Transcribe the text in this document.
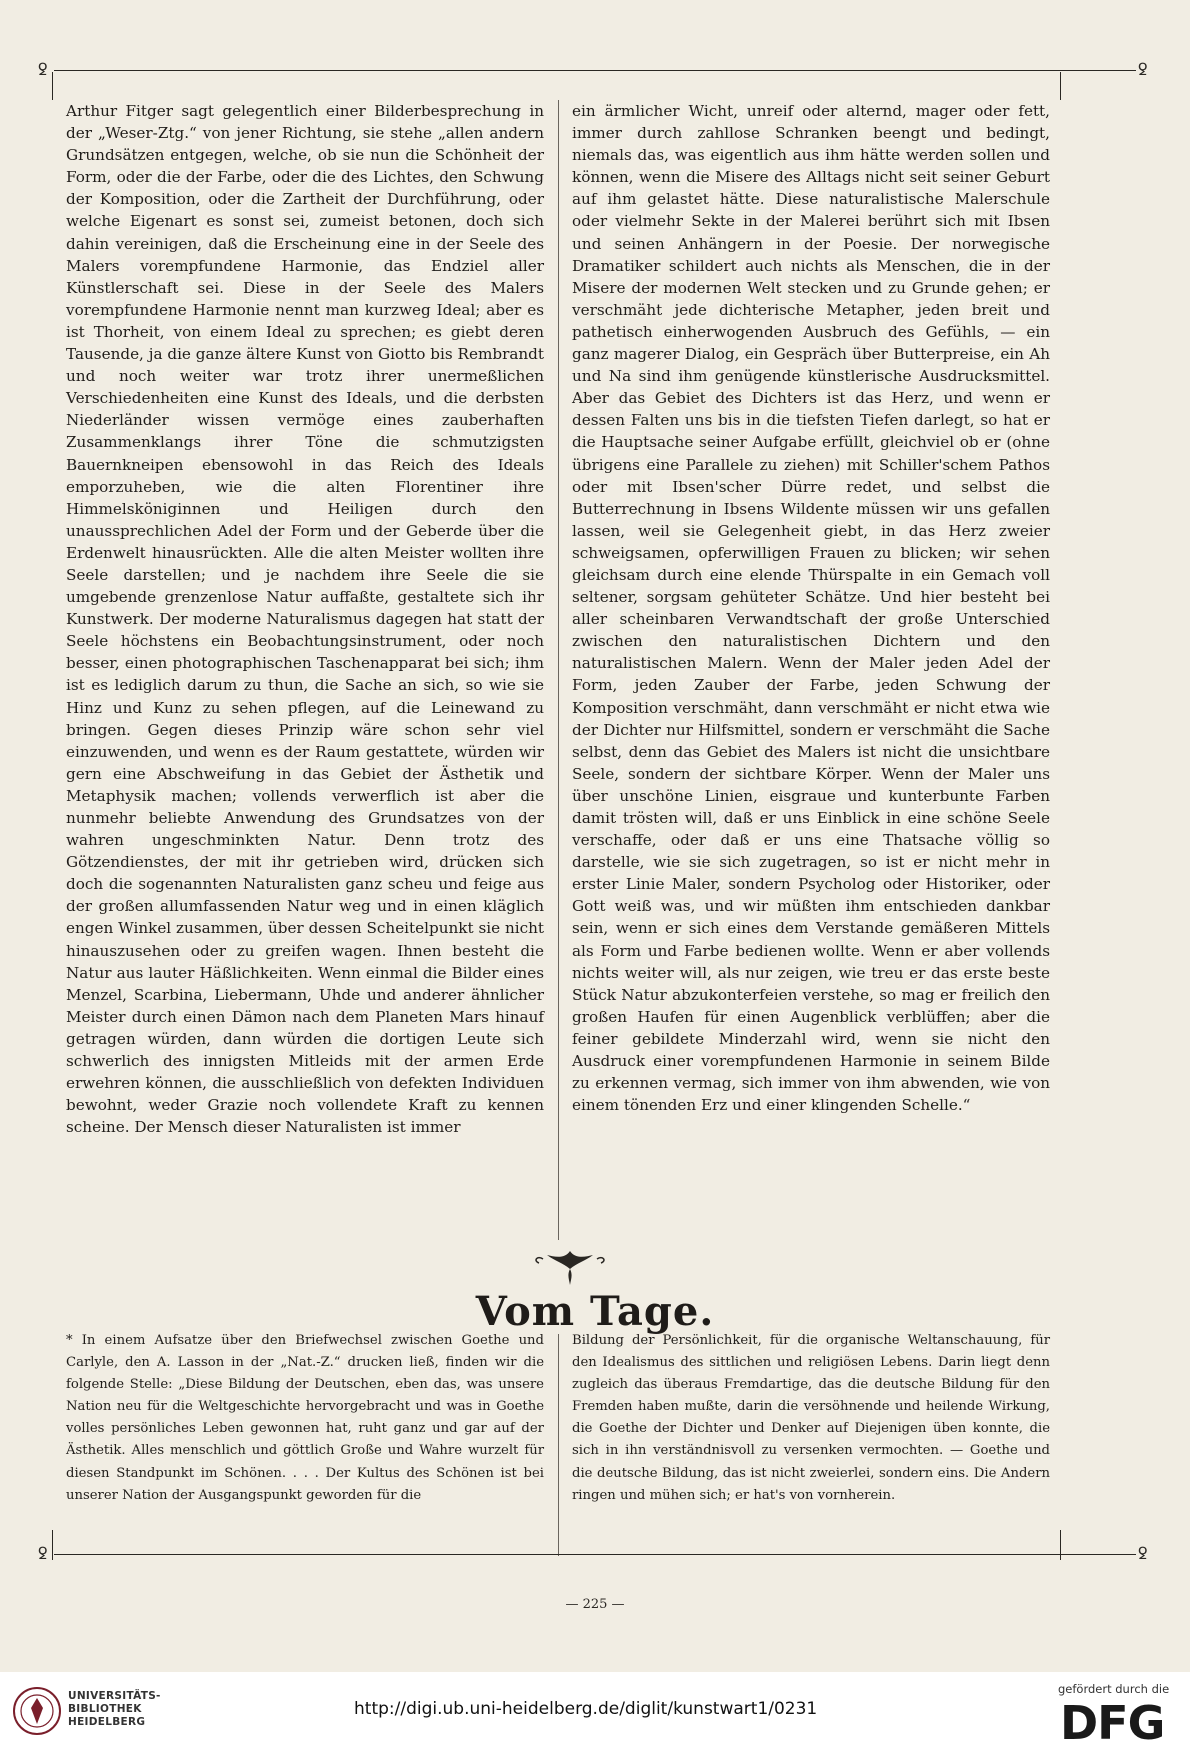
ꝿ	ꝿ

Arthur Fitger sagt gelegentlich einer Bilderbesprechung in der „Weser-Ztg.“ von jener Richtung, sie stehe „allen andern Grundsätzen entgegen, welche, ob sie nun die Schönheit der Form, oder die der Farbe, oder die des Lichtes, den Schwung der Komposition, oder die Zartheit der Durchführung, oder welche Eigenart es sonst sei, zumeist betonen, doch sich dahin vereinigen, daß die Erscheinung eine in der Seele des Malers vorempfundene Harmonie, das Endziel aller Künstlerschaft sei. Diese in der Seele des Malers vorempfundene Harmonie nennt man kurzweg Ideal; aber es ist Thorheit, von einem Ideal zu sprechen; es giebt deren Tausende, ja die ganze ältere Kunst von Giotto bis Rembrandt und noch weiter war trotz ihrer unermeßlichen Verschiedenheiten eine Kunst des Ideals, und die derbsten Niederländer wissen vermöge eines zauberhaften Zusammenklangs ihrer Töne die schmutzigsten Bauernkneipen ebensowohl in das Reich des Ideals emporzuheben, wie die alten Florentiner ihre Himmelsköniginnen und Heiligen durch den unaussprechlichen Adel der Form und der Geberde über die Erdenwelt hinausrückten. Alle die alten Meister wollten ihre Seele darstellen; und je nachdem ihre Seele die sie umgebende grenzenlose Natur auffaßte, gestaltete sich ihr Kunstwerk. Der moderne Naturalismus dagegen hat statt der Seele höchstens ein Beobachtungsinstrument, oder noch besser, einen photographischen Taschenapparat bei sich; ihm ist es lediglich darum zu thun, die Sache an sich, so wie sie Hinz und Kunz zu sehen pflegen, auf die Leinewand zu bringen. Gegen dieses Prinzip wäre schon sehr viel einzuwenden, und wenn es der Raum gestattete, würden wir gern eine Abschweifung in das Gebiet der Ästhetik und Metaphysik machen; vollends verwerflich ist aber die nunmehr beliebte Anwendung des Grundsatzes von der wahren ungeschminkten Natur. Denn trotz des Götzendienstes, der mit ihr getrieben wird, drücken sich doch die sogenannten Naturalisten ganz scheu und feige aus der großen allumfassenden Natur weg und in einen kläglich engen Winkel zusammen, über dessen Scheitelpunkt sie nicht hinauszusehen oder zu greifen wagen. Ihnen besteht die Natur aus lauter Häßlichkeiten. Wenn einmal die Bilder eines Menzel, Scarbina, Liebermann, Uhde und anderer ähnlicher Meister durch einen Dämon nach dem Planeten Mars hinauf getragen würden, dann würden die dortigen Leute sich schwerlich des innigsten Mitleids mit der armen Erde erwehren können, die ausschließlich von defekten Individuen bewohnt, weder Grazie noch vollendete Kraft zu kennen scheine. Der Mensch dieser Naturalisten ist immer

ein ärmlicher Wicht, unreif oder alternd, mager oder fett, immer durch zahllose Schranken beengt und bedingt, niemals das, was eigentlich aus ihm hätte werden sollen und können, wenn die Misere des Alltags nicht seit seiner Geburt auf ihm gelastet hätte. Diese naturalistische Malerschule oder vielmehr Sekte in der Malerei berührt sich mit Ibsen und seinen Anhängern in der Poesie. Der norwegische Dramatiker schildert auch nichts als Menschen, die in der Misere der modernen Welt stecken und zu Grunde gehen; er verschmäht jede dichterische Metapher, jeden breit und pathetisch einherwogenden Ausbruch des Gefühls, — ein ganz magerer Dialog, ein Gespräch über Butterpreise, ein Ah und Na sind ihm genügende künstlerische Ausdrucksmittel. Aber das Gebiet des Dichters ist das Herz, und wenn er dessen Falten uns bis in die tiefsten Tiefen darlegt, so hat er die Hauptsache seiner Aufgabe erfüllt, gleichviel ob er (ohne übrigens eine Parallele zu ziehen) mit Schiller'schem Pathos oder mit Ibsen'scher Dürre redet, und selbst die Butterrechnung in Ibsens Wildente müssen wir uns gefallen lassen, weil sie Gelegenheit giebt, in das Herz zweier schweigsamen, opferwilligen Frauen zu blicken; wir sehen gleichsam durch eine elende Thürspalte in ein Gemach voll seltener, sorgsam gehüteter Schätze. Und hier besteht bei aller scheinbaren Verwandtschaft der große Unterschied zwischen den naturalistischen Dichtern und den naturalistischen Malern. Wenn der Maler jeden Adel der Form, jeden Zauber der Farbe, jeden Schwung der Komposition verschmäht, dann verschmäht er nicht etwa wie der Dichter nur Hilfsmittel, sondern er verschmäht die Sache selbst, denn das Gebiet des Malers ist nicht die unsichtbare Seele, sondern der sichtbare Körper. Wenn der Maler uns über unschöne Linien, eisgraue und kunterbunte Farben damit trösten will, daß er uns Einblick in eine schöne Seele verschaffe, oder daß er uns eine Thatsache völlig so darstelle, wie sie sich zugetragen, so ist er nicht mehr in erster Linie Maler, sondern Psycholog oder Historiker, oder Gott weiß was, und wir müßten ihm entschieden dankbar sein, wenn er sich eines dem Verstande gemäßeren Mittels als Form und Farbe bedienen wollte. Wenn er aber vollends nichts weiter will, als nur zeigen, wie treu er das erste beste Stück Natur abzukonterfeien verstehe, so mag er freilich den großen Haufen für einen Augenblick verblüffen; aber die feiner gebildete Minderzahl wird, wenn sie nicht den Ausdruck einer vorempfundenen Harmonie in seinem Bilde zu erkennen vermag, sich immer von ihm abwenden, wie von einem tönenden Erz und einer klingenden Schelle.“

Vom Tage.

* In einem Aufsatze über den Briefwechsel zwischen Goethe und Carlyle, den A. Lasson in der „Nat.-Z.“ drucken ließ, finden wir die folgende Stelle: „Diese Bildung der Deutschen, eben das, was unsere Nation neu für die Weltgeschichte hervorgebracht und was in Goethe volles persönliches Leben gewonnen hat, ruht ganz und gar auf der Ästhetik. Alles menschlich und göttlich Große und Wahre wurzelt für diesen Standpunkt im Schönen. . . . Der Kultus des Schönen ist bei unserer Nation der Ausgangspunkt geworden für die

Bildung der Persönlichkeit, für die organische Weltanschauung, für den Idealismus des sittlichen und religiösen Lebens. Darin liegt denn zugleich das überaus Fremdartige, das die deutsche Bildung für den Fremden haben mußte, darin die versöhnende und heilende Wirkung, die Goethe der Dichter und Denker auf Diejenigen üben konnte, die sich in ihn verständnisvoll zu versenken vermochten. — Goethe und die deutsche Bildung, das ist nicht zweierlei, sondern eins. Die Andern ringen und mühen sich; er hat's von vornherein.

ꝿ	ꝿ
— 225 —
UNIVERSITÄTS-
BIBLIOTHEK
HEIDELBERG
http://digi.ub.uni-heidelberg.de/diglit/kunstwart1/0231
gefördert durch die
DFG
